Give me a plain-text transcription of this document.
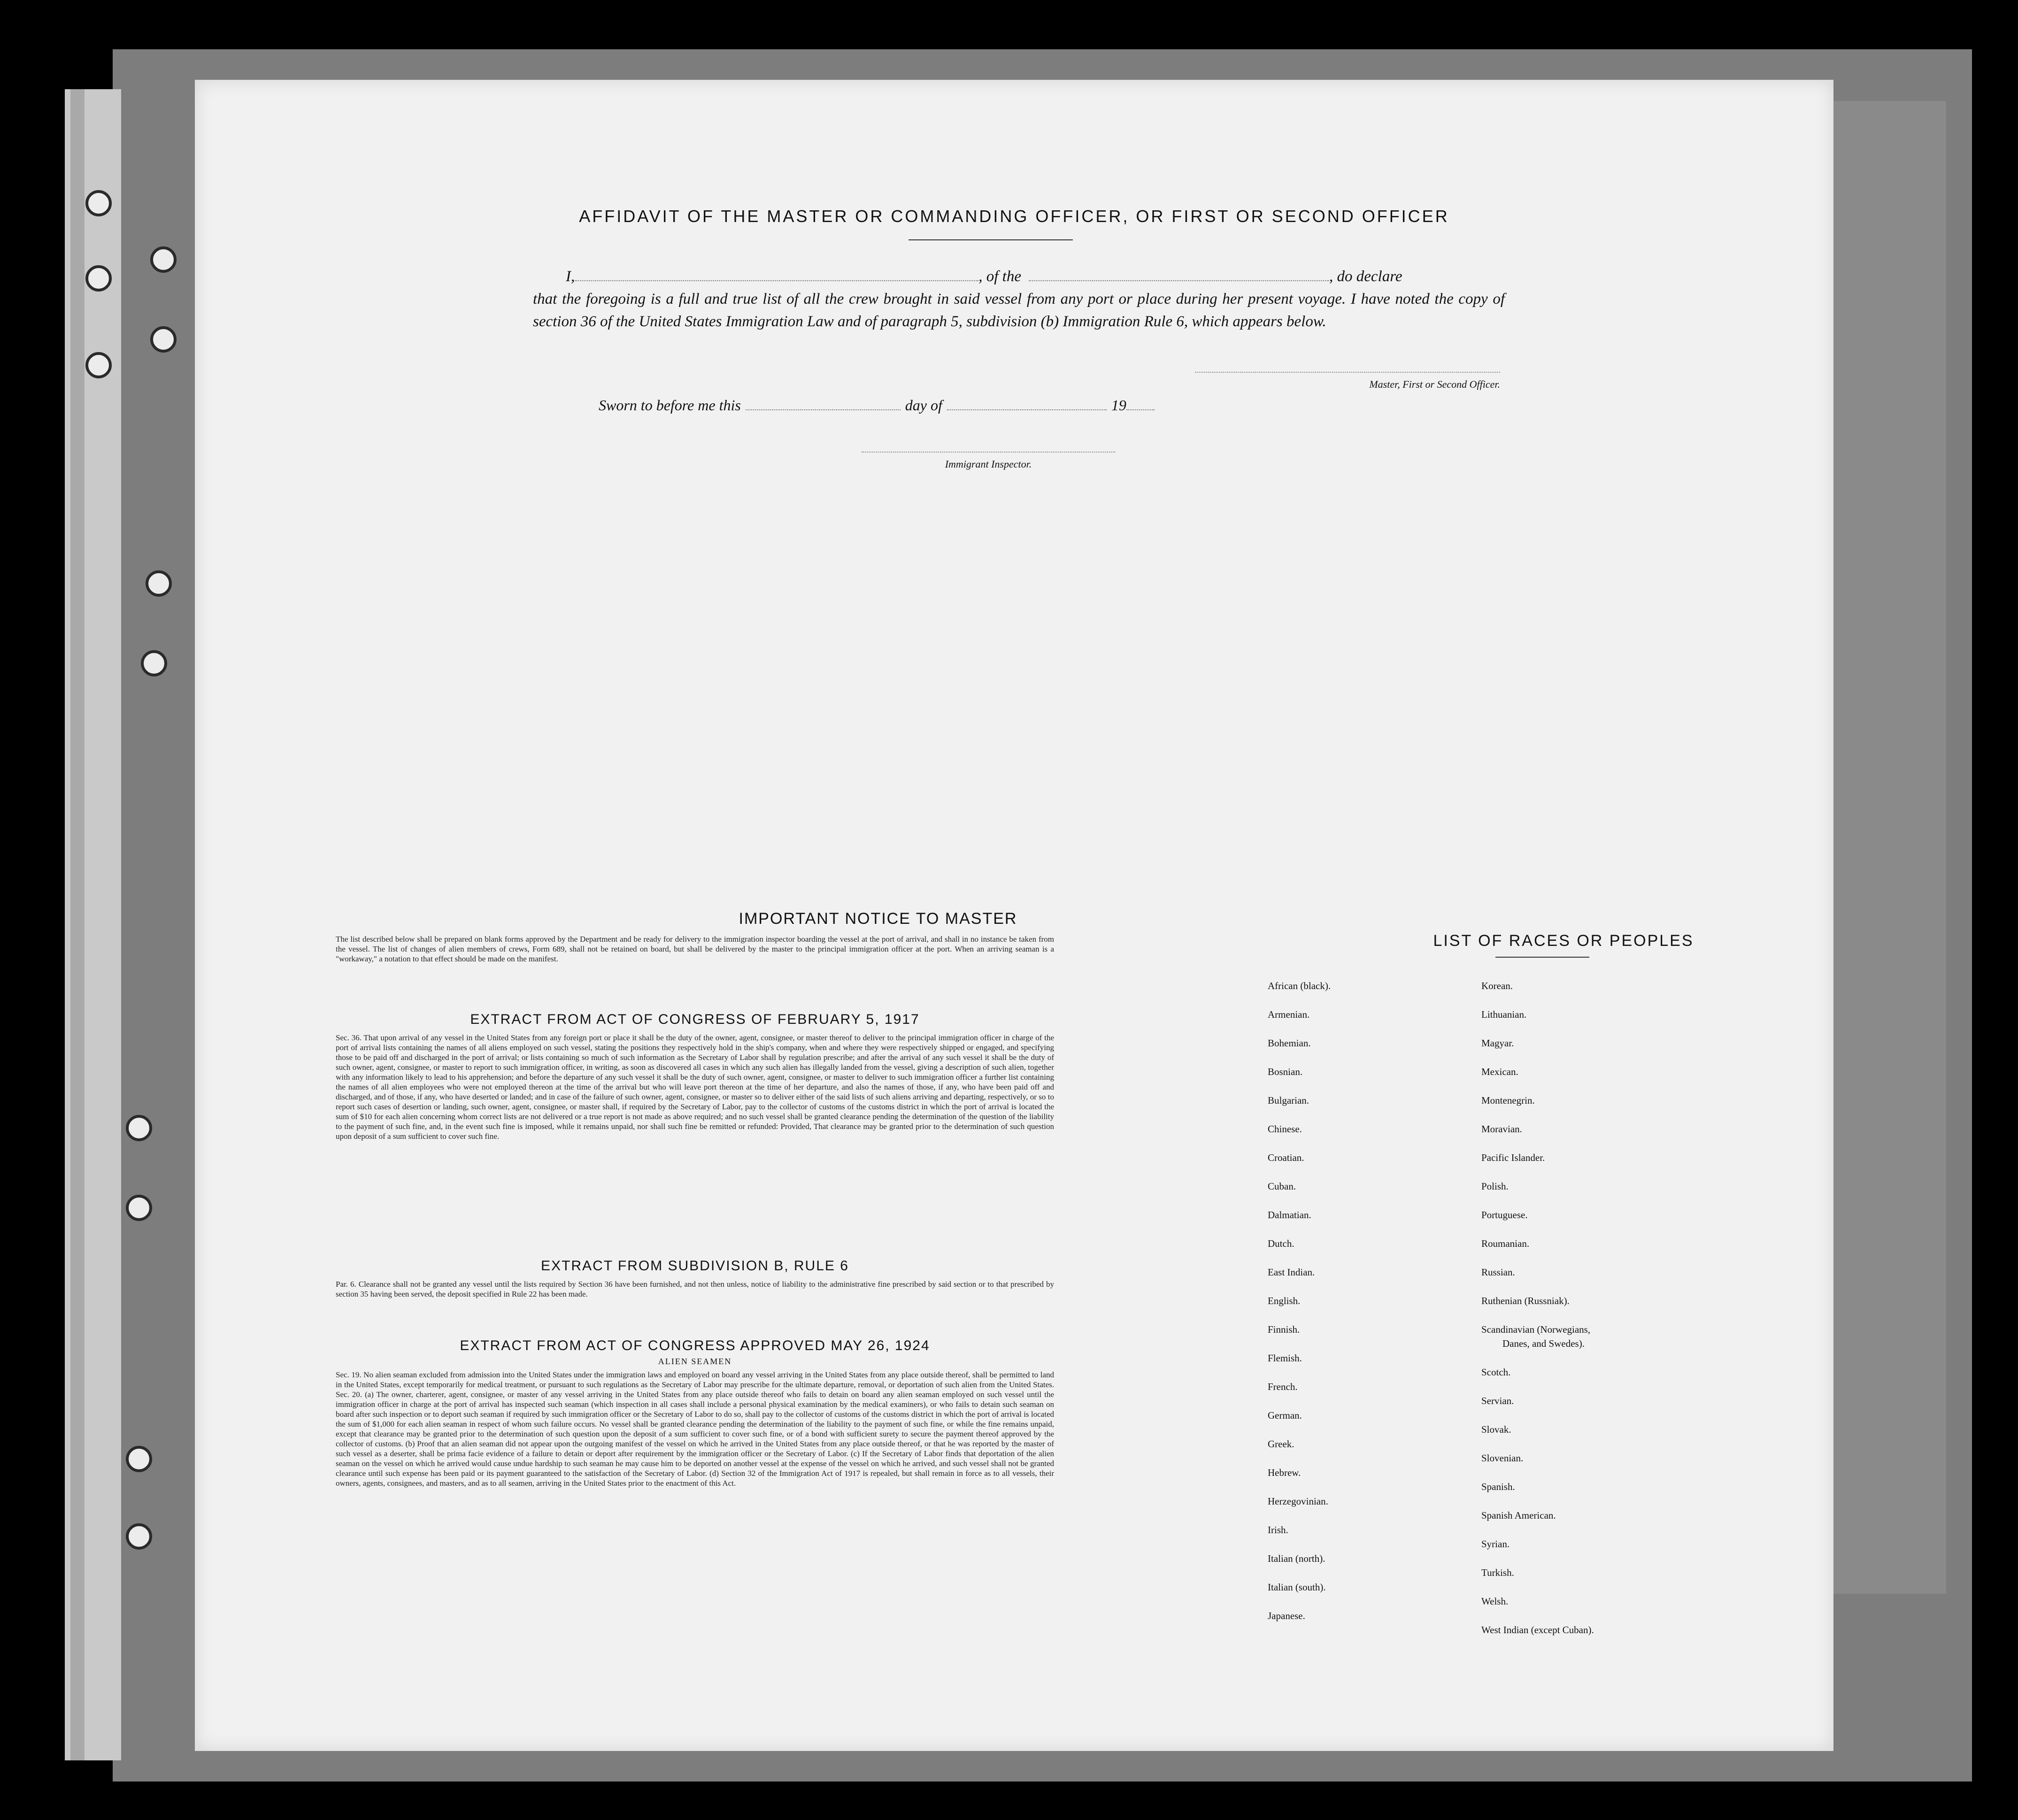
AFFIDAVIT OF THE MASTER OR COMMANDING OFFICER, OR FIRST OR SECOND OFFICER
I,	, of the	, do declare
that the foregoing is a full and true list of all the crew brought in said vessel from any port or place during her present voyage. I have noted the copy of section 36 of the United States Immigration Law and of paragraph 5, subdivision (b) Immigration Rule 6, which appears below.
Master, First or Second Officer.
Sworn to before me this	day of	19
Immigrant Inspector.
IMPORTANT NOTICE TO MASTER
The list described below shall be prepared on blank forms approved by the Department and be ready for delivery to the immigration inspector boarding the vessel at the port of arrival, and shall in no instance be taken from the vessel. The list of changes of alien members of crews, Form 689, shall not be retained on board, but shall be delivered by the master to the principal immigration officer at the port. When an arriving seaman is a "workaway," a notation to that effect should be made on the manifest.
EXTRACT FROM ACT OF CONGRESS OF FEBRUARY 5, 1917
Sec. 36. That upon arrival of any vessel in the United States from any foreign port or place it shall be the duty of the owner, agent, consignee, or master thereof to deliver to the principal immigration officer in charge of the port of arrival lists containing the names of all aliens employed on such vessel, stating the positions they respectively hold in the ship's company, when and where they were respectively shipped or engaged, and specifying those to be paid off and discharged in the port of arrival; or lists containing so much of such information as the Secretary of Labor shall by regulation prescribe; and after the arrival of any such vessel it shall be the duty of such owner, agent, consignee, or master to report to such immigration officer, in writing, as soon as discovered all cases in which any such alien has illegally landed from the vessel, giving a description of such alien, together with any information likely to lead to his apprehension; and before the departure of any such vessel it shall be the duty of such owner, agent, consignee, or master to deliver to such immigration officer a further list containing the names of all alien employees who were not employed thereon at the time of the arrival but who will leave port thereon at the time of her departure, and also the names of those, if any, who have been paid off and discharged, and of those, if any, who have deserted or landed; and in case of the failure of such owner, agent, consignee, or master so to deliver either of the said lists of such aliens arriving and departing, respectively, or so to report such cases of desertion or landing, such owner, agent, consignee, or master shall, if required by the Secretary of Labor, pay to the collector of customs of the customs district in which the port of arrival is located the sum of $10 for each alien concerning whom correct lists are not delivered or a true report is not made as above required; and no such vessel shall be granted clearance pending the determination of the question of the liability to the payment of such fine, and, in the event such fine is imposed, while it remains unpaid, nor shall such fine be remitted or refunded: Provided, That clearance may be granted prior to the determination of such question upon deposit of a sum sufficient to cover such fine.
EXTRACT FROM SUBDIVISION B, RULE 6
Par. 6. Clearance shall not be granted any vessel until the lists required by Section 36 have been furnished, and not then unless, notice of liability to the administrative fine prescribed by said section or to that prescribed by section 35 having been served, the deposit specified in Rule 22 has been made.
EXTRACT FROM ACT OF CONGRESS APPROVED MAY 26, 1924
ALIEN SEAMEN
Sec. 19. No alien seaman excluded from admission into the United States under the immigration laws and employed on board any vessel arriving in the United States from any place outside thereof, shall be permitted to land in the United States, except temporarily for medical treatment, or pursuant to such regulations as the Secretary of Labor may prescribe for the ultimate departure, removal, or deportation of such alien from the United States. Sec. 20. (a) The owner, charterer, agent, consignee, or master of any vessel arriving in the United States from any place outside thereof who fails to detain on board any alien seaman employed on such vessel until the immigration officer in charge at the port of arrival has inspected such seaman (which inspection in all cases shall include a personal physical examination by the medical examiners), or who fails to detain such seaman on board after such inspection or to deport such seaman if required by such immigration officer or the Secretary of Labor to do so, shall pay to the collector of customs of the customs district in which the port of arrival is located the sum of $1,000 for each alien seaman in respect of whom such failure occurs. No vessel shall be granted clearance pending the determination of the liability to the payment of such fine, or while the fine remains unpaid, except that clearance may be granted prior to the determination of such question upon the deposit of a sum sufficient to cover such fine, or of a bond with sufficient surety to secure the payment thereof approved by the collector of customs. (b) Proof that an alien seaman did not appear upon the outgoing manifest of the vessel on which he arrived in the United States from any place outside thereof, or that he was reported by the master of such vessel as a deserter, shall be prima facie evidence of a failure to detain or deport after requirement by the immigration officer or the Secretary of Labor. (c) If the Secretary of Labor finds that deportation of the alien seaman on the vessel on which he arrived would cause undue hardship to such seaman he may cause him to be deported on another vessel at the expense of the vessel on which he arrived, and such vessel shall not be granted clearance until such expense has been paid or its payment guaranteed to the satisfaction of the Secretary of Labor. (d) Section 32 of the Immigration Act of 1917 is repealed, but shall remain in force as to all vessels, their owners, agents, consignees, and masters, and as to all seamen, arriving in the United States prior to the enactment of this Act.
LIST OF RACES OR PEOPLES
African (black).
Armenian.
Bohemian.
Bosnian.
Bulgarian.
Chinese.
Croatian.
Cuban.
Dalmatian.
Dutch.
East Indian.
English.
Finnish.
Flemish.
French.
German.
Greek.
Hebrew.
Herzegovinian.
Irish.
Italian (north).
Italian (south).
Japanese.
Korean.
Lithuanian.
Magyar.
Mexican.
Montenegrin.
Moravian.
Pacific Islander.
Polish.
Portuguese.
Roumanian.
Russian.
Ruthenian (Russniak).
Scandinavian (Norwegians,
Danes, and Swedes).
Scotch.
Servian.
Slovak.
Slovenian.
Spanish.
Spanish American.
Syrian.
Turkish.
Welsh.
West Indian (except Cuban).
